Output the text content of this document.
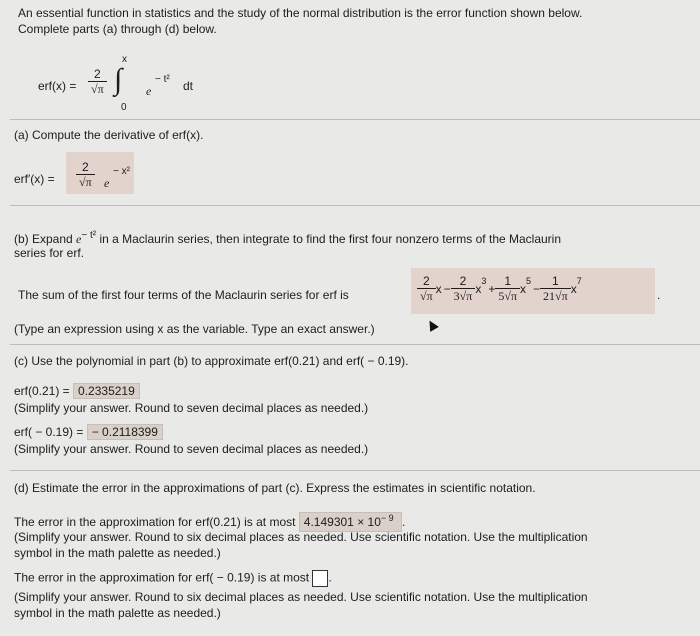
An essential function in statistics and the study of the normal distribution is the error function shown below.
Complete parts (a) through (d) below.
x
$erf(x) = \frac{2}{√\pi}$ ∫ e
− t² dt
0
(a) Compute the derivative of erf(x).
$erf'(x) = \frac{2}{√\pi}$ e
− x²
(b) Expand $e^{- t^2}$ in a Maclaurin series, then integrate to find the first four nonzero terms of the Maclaurin
series for erf.
The sum of the first four terms of the Maclaurin series for erf is	$\frac{2}{√\pi}$ $x - \frac{2}{3√\pi}$ x
$^3$
+ $\frac{1}{5√\pi}$ x
$^5$
− $\frac{1}{21√\pi}$ x
$^7$
.
(Type an expression using x as the variable. Type an exact answer.)
(c) Use the polynomial in part (b) to approximate erf(0.21) and erf( − 0.19).
erf(0.21) = 0.2335219
(Simplify your answer. Round to seven decimal places as needed.)
erf( − 0.19) = − 0.2118399
(Simplify your answer. Round to seven decimal places as needed.)
(d) Estimate the error in the approximations of part (c). Express the estimates in scientific notation.
The error in the approximation for erf(0.21) is at most $4.149301 \times 10^{- 9}$ .
(Simplify your answer. Round to six decimal places as needed. Use scientific notation. Use the multiplication
symbol in the math palette as needed.)
The error in the approximation for erf( − 0.19) is at most .
(Simplify your answer. Round to six decimal places as needed. Use scientific notation. Use the multiplication
symbol in the math palette as needed.)
